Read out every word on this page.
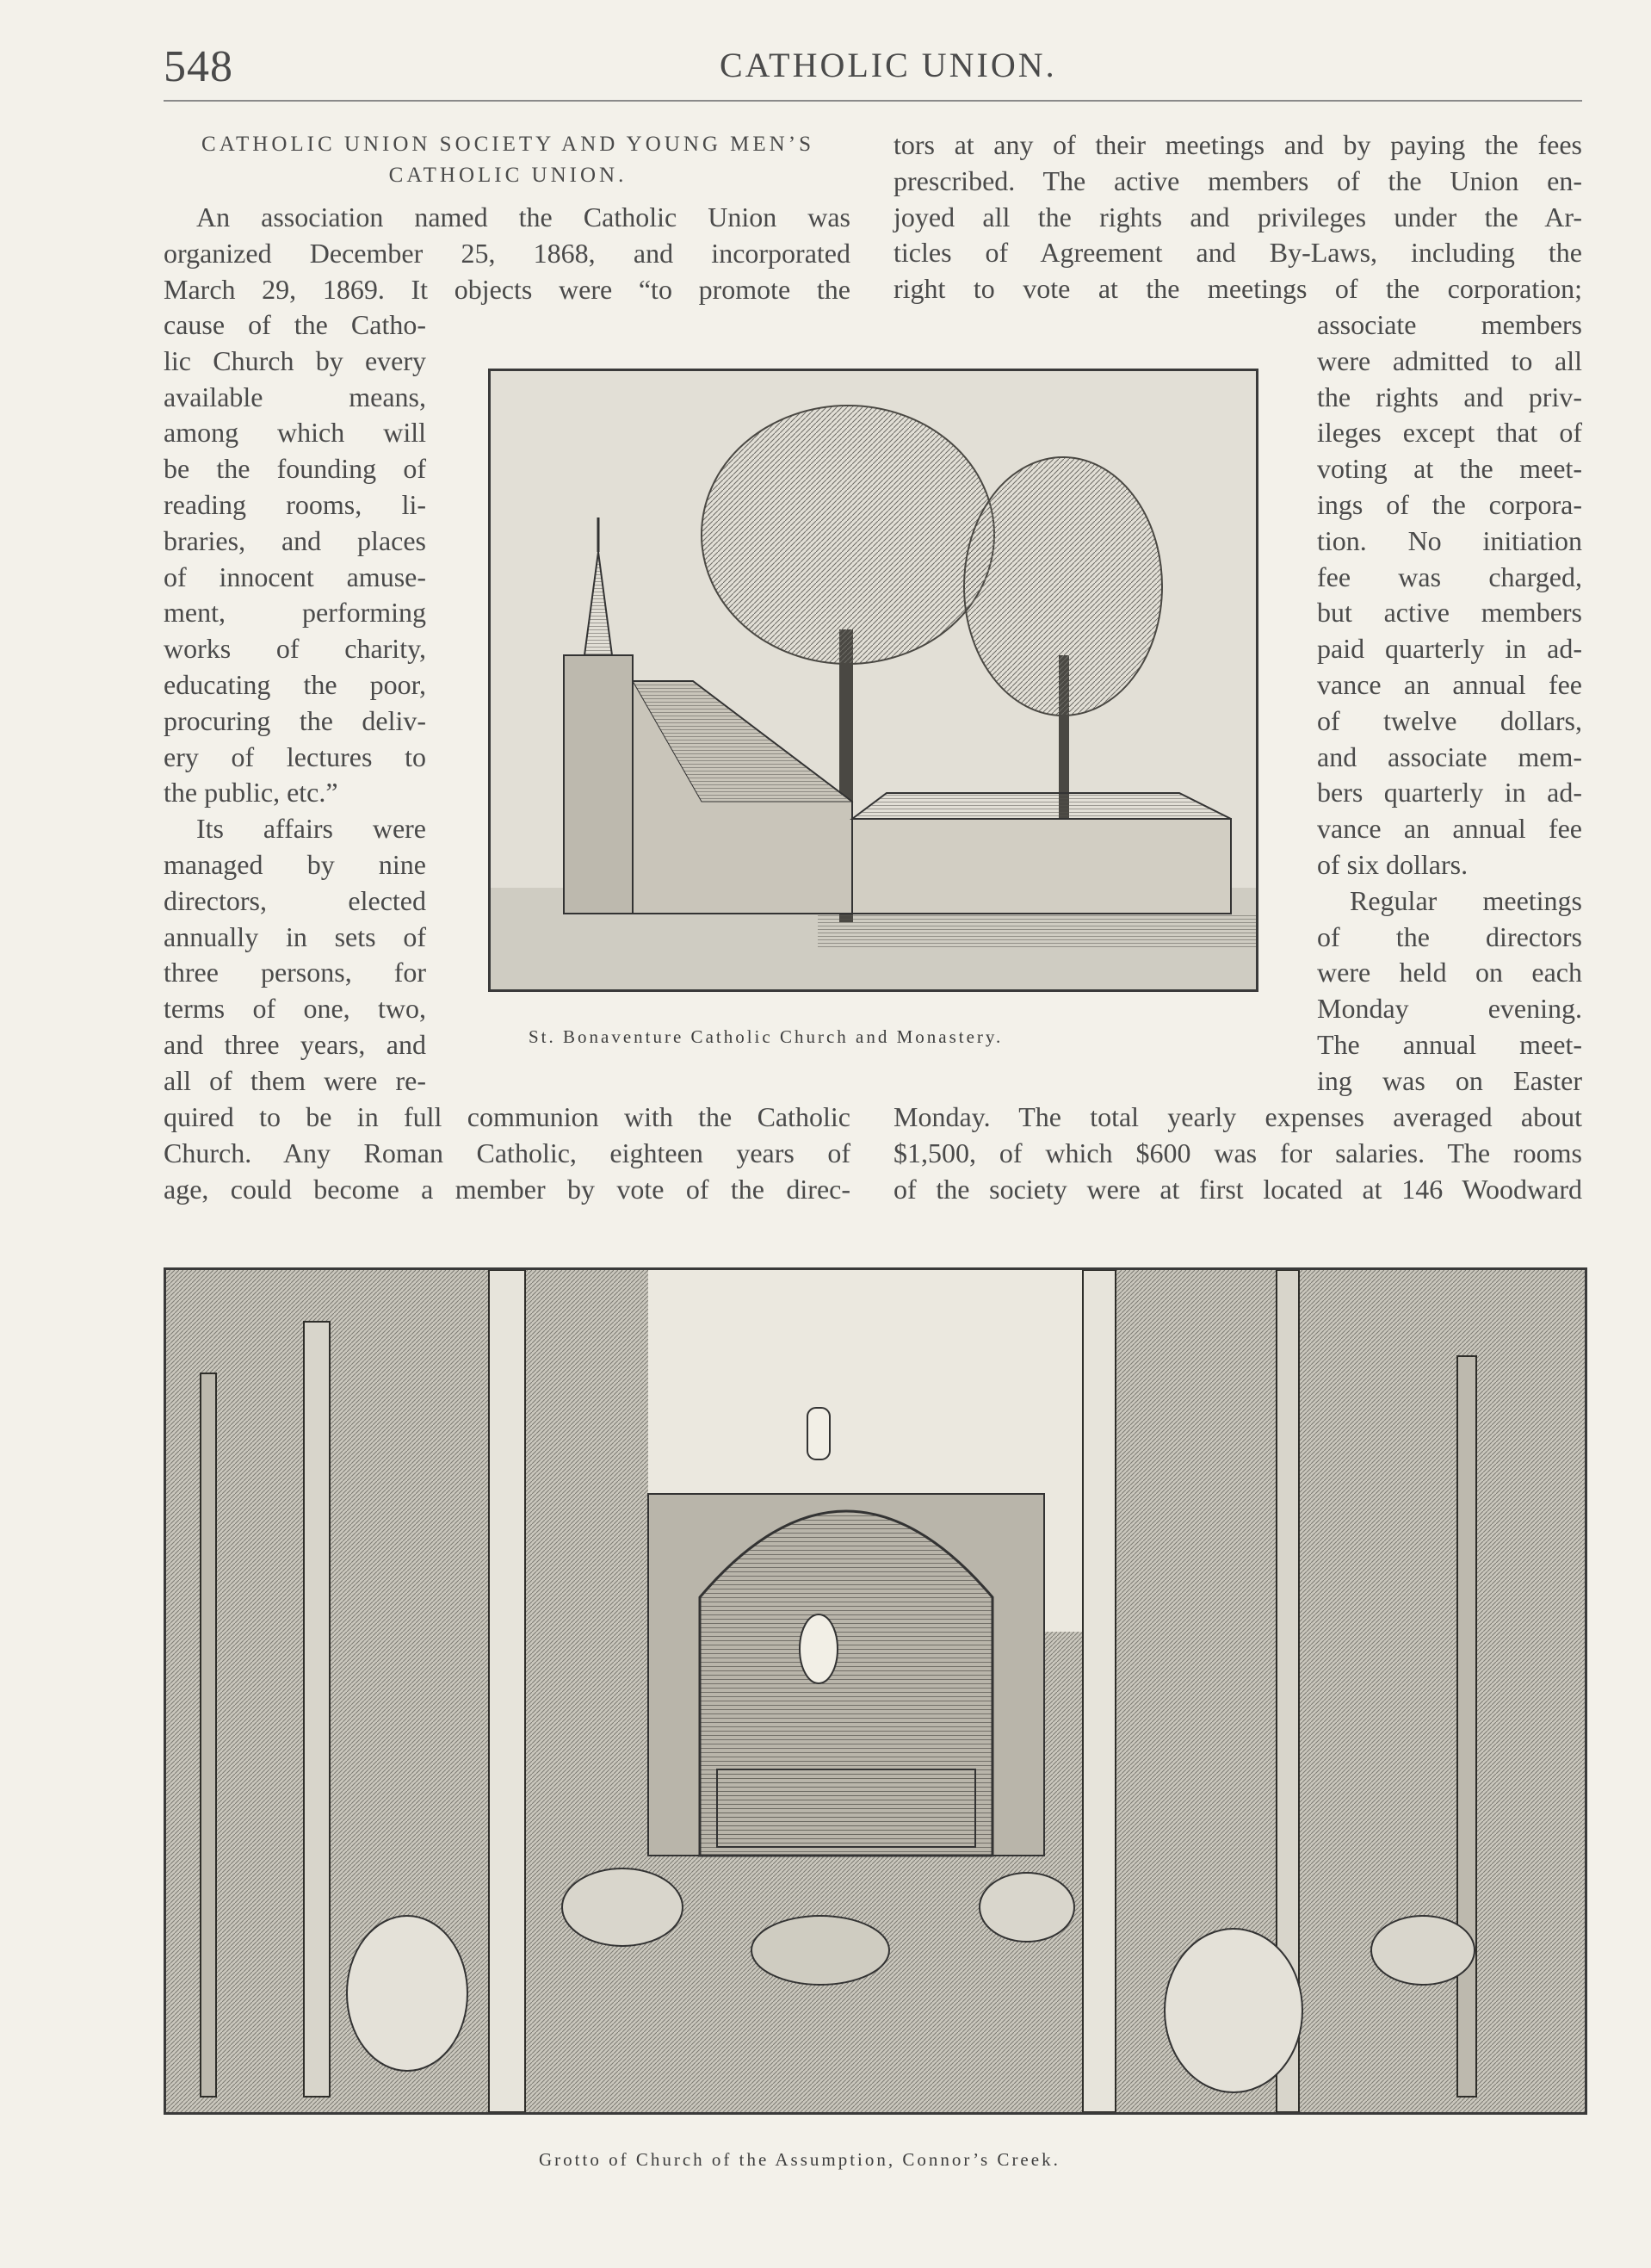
548	CATHOLIC UNION.
CATHOLIC UNION SOCIETY AND YOUNG MEN’S
CATHOLIC UNION.
An association named the Catholic Union was
organized December 25, 1868, and incorporated
March 29, 1869. It objects were “to promote the
cause of the Catho-
lic Church by every
available means,
among which will
be the founding of
reading rooms, li-
braries, and places
of innocent amuse-
ment, performing
works of charity,
educating the poor,
procuring the deliv-
ery of lectures to
the public, etc.”
Its affairs were
managed by nine
directors, elected
annually in sets of
three persons, for
terms of one, two,
and three years, and
all of them were re-
quired to be in full communion with the Catholic
Church. Any Roman Catholic, eighteen years of
age, could become a member by vote of the direc-
tors at any of their meetings and by paying the fees
prescribed. The active members of the Union en-
joyed all the rights and privileges under the Ar-
ticles of Agreement and By-Laws, including the
right to vote at the meetings of the corporation;
associate members
were admitted to all
the rights and priv-
ileges except that of
voting at the meet-
ings of the corpora-
tion. No initiation
fee was charged,
but active members
paid quarterly in ad-
vance an annual fee
of twelve dollars,
and associate mem-
bers quarterly in ad-
vance an annual fee
of six dollars.
Regular meetings
of the directors
were held on each
Monday evening.
The annual meet-
ing was on Easter
Monday. The total yearly expenses averaged about
$1,500, of which $600 was for salaries. The rooms
of the society were at first located at 146 Woodward
St. Bonaventure Catholic Church and Monastery.
Grotto of Church of the Assumption, Connor’s Creek.
